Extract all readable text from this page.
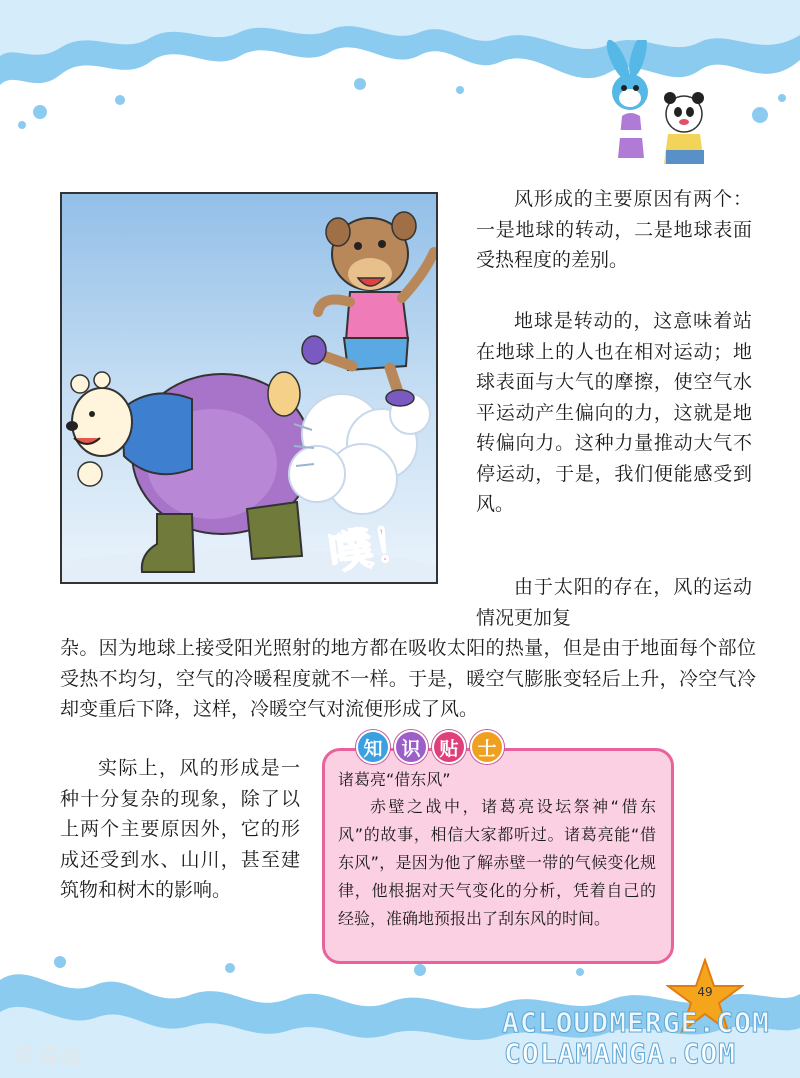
噗！

风形成的主要原因有两个：一是地球的转动，二是地球表面受热程度的差别。

地球是转动的，这意味着站在地球上的人也在相对运动；地球表面与大气的摩擦，使空气水平运动产生偏向的力，这就是地转偏向力。这种力量推动大气不停运动，于是，我们便能感受到风。

由于太阳的存在，风的运动情况更加复

杂。因为地球上接受阳光照射的地方都在吸收太阳的热量，但是由于地面每个部位受热不均匀，空气的冷暖程度就不一样。于是，暖空气膨胀变轻后上升，冷空气冷却变重后下降，这样，冷暖空气对流便形成了风。

实际上，风的形成是一种十分复杂的现象，除了以上两个主要原因外，它的形成还受到水、山川，甚至建筑物和树木的影响。

知 识 贴 士

诸葛亮“借东风”

赤壁之战中，诸葛亮设坛祭神“借东风”的故事，相信大家都听过。诸葛亮能“借东风”，是因为他了解赤壁一带的气候变化规律，他根据对天气变化的分析，凭着自己的经验，准确地预报出了刮东风的时间。

49
看漫画
ACLOUDMERGE.COM
COLAMANGA.COM
